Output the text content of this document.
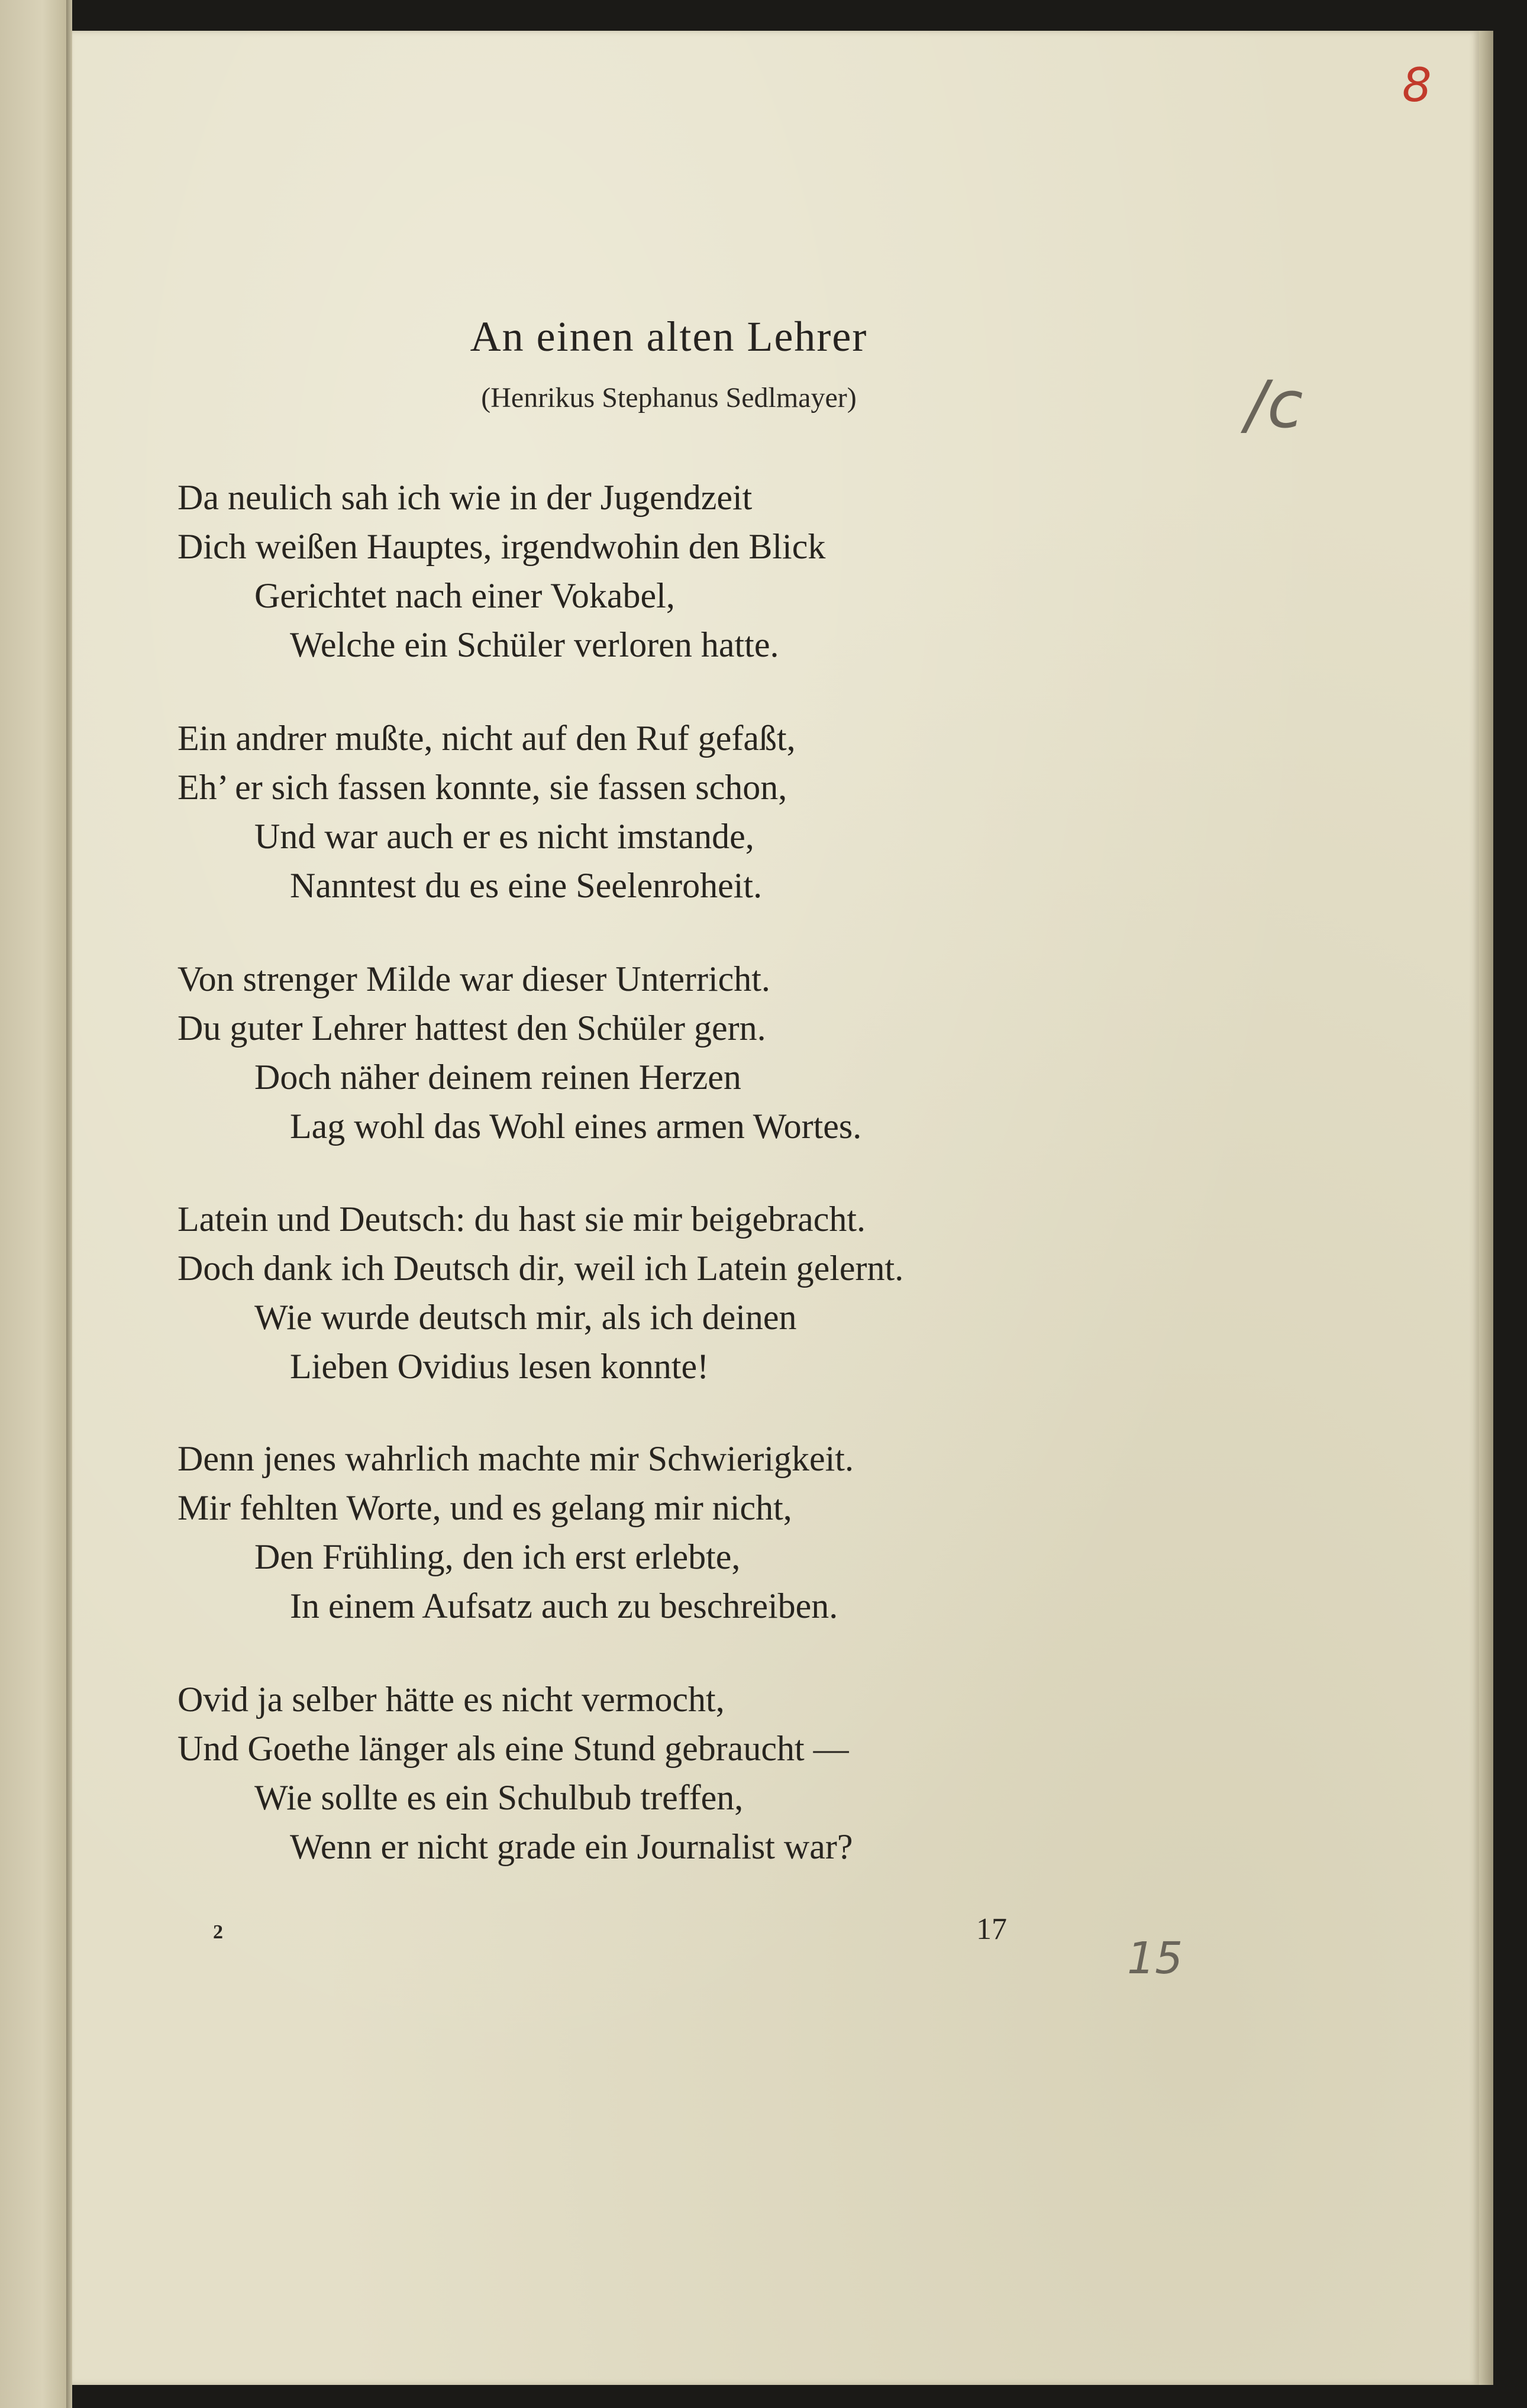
8
/c
An einen alten Lehrer
(Henrikus Stephanus Sedlmayer)
Da neulich sah ich wie in der Jugendzeit
Dich weißen Hauptes, irgendwohin den Blick
Gerichtet nach einer Vokabel,
Welche ein Schüler verloren hatte.
Ein andrer mußte, nicht auf den Ruf gefaßt,
Eh’ er sich fassen konnte, sie fassen schon,
Und war auch er es nicht imstande,
Nanntest du es eine Seelenroheit.
Von strenger Milde war dieser Unterricht.
Du guter Lehrer hattest den Schüler gern.
Doch näher deinem reinen Herzen
Lag wohl das Wohl eines armen Wortes.
Latein und Deutsch: du hast sie mir beigebracht.
Doch dank ich Deutsch dir, weil ich Latein gelernt.
Wie wurde deutsch mir, als ich deinen
Lieben Ovidius lesen konnte!
Denn jenes wahrlich machte mir Schwierigkeit.
Mir fehlten Worte, und es gelang mir nicht,
Den Frühling, den ich erst erlebte,
In einem Aufsatz auch zu beschreiben.
Ovid ja selber hätte es nicht vermocht,
Und Goethe länger als eine Stund gebraucht —
Wie sollte es ein Schulbub treffen,
Wenn er nicht grade ein Journalist war?
2	17
15
